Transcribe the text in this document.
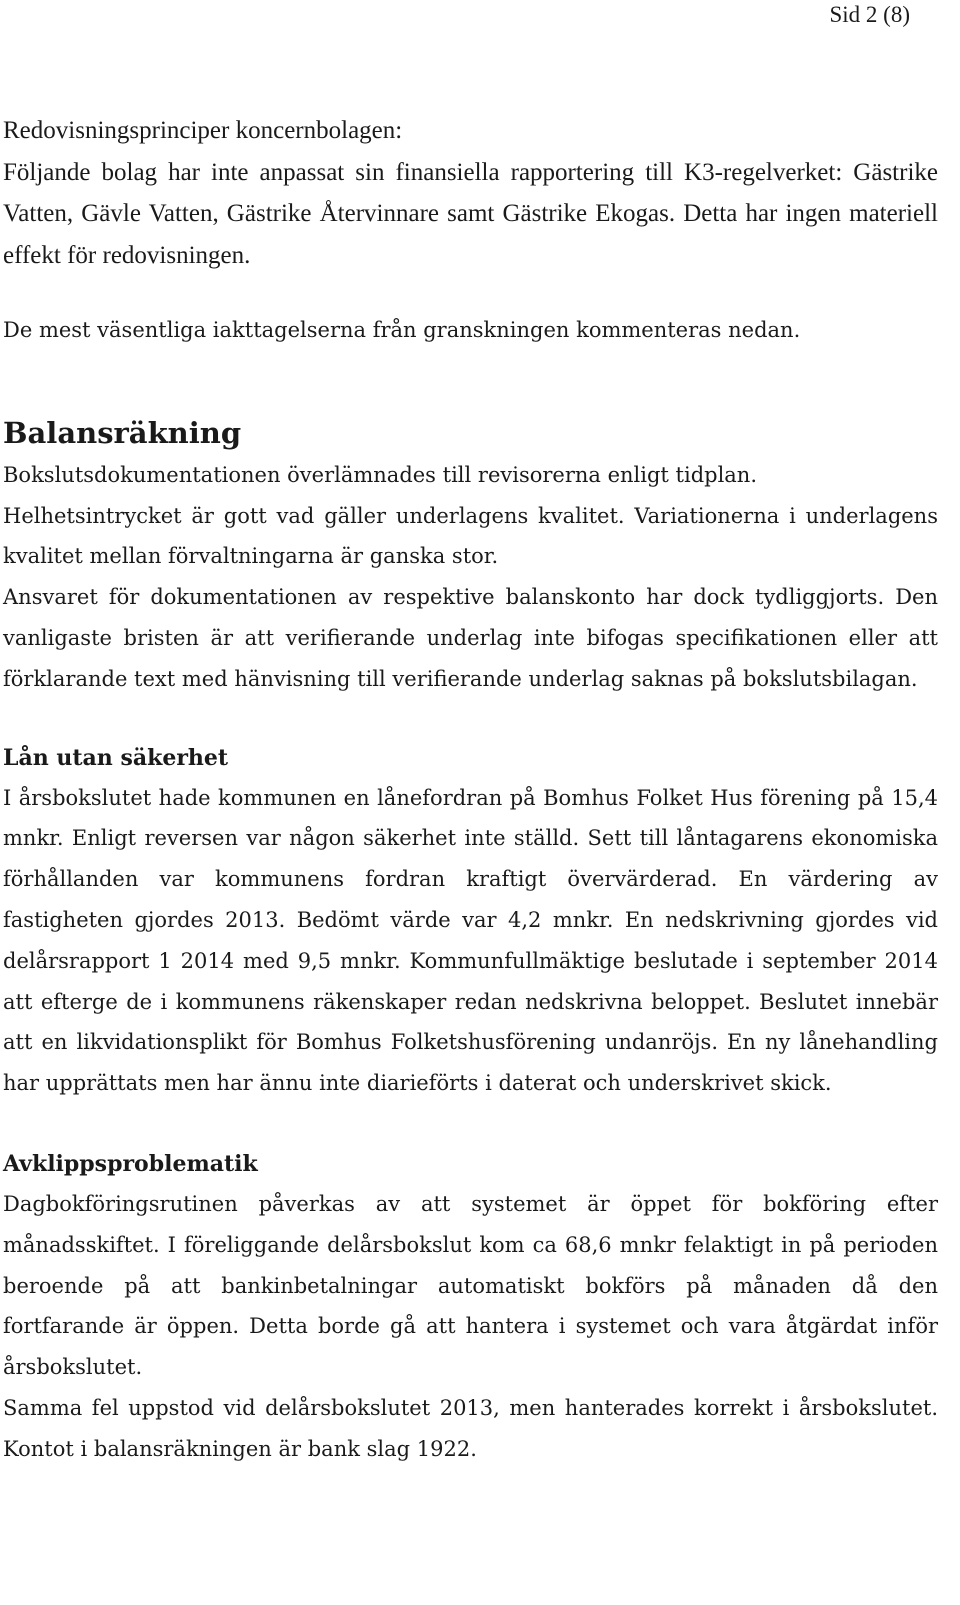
Sid 2 (8)

Redovisningsprinciper koncernbolagen:

Följande bolag har inte anpassat sin finansiella rapportering till K3-regelverket: Gästrike Vatten, Gävle Vatten, Gästrike Återvinnare samt Gästrike Ekogas. Detta har ingen materiell effekt för redovisningen.

De mest väsentliga iakttagelserna från granskningen kommenteras nedan.

Balansräkning

Bokslutsdokumentationen överlämnades till revisorerna enligt tidplan.

Helhetsintrycket är gott vad gäller underlagens kvalitet. Variationerna i underlagens kvalitet mellan förvaltningarna är ganska stor.

Ansvaret för dokumentationen av respektive balanskonto har dock tydliggjorts. Den vanligaste bristen är att verifierande underlag inte bifogas specifikationen eller att förklarande text med hänvisning till verifierande underlag saknas på bokslutsbilagan.

Lån utan säkerhet

I årsbokslutet hade kommunen en lånefordran på Bomhus Folket Hus förening på 15,4 mnkr. Enligt reversen var någon säkerhet inte ställd. Sett till låntagarens ekonomiska förhållanden var kommunens fordran kraftigt övervärderad. En värdering av fastigheten gjordes 2013. Bedömt värde var 4,2 mnkr. En nedskrivning gjordes vid delårsrapport 1 2014 med 9,5 mnkr. Kommunfullmäktige beslutade i september 2014 att efterge de i kommunens räkenskaper redan nedskrivna beloppet. Beslutet innebär att en likvidationsplikt för Bomhus Folketshusförening undanröjs. En ny lånehandling har upprättats men har ännu inte diarieförts i daterat och underskrivet skick.

Avklippsproblematik

Dagbokföringsrutinen påverkas av att systemet är öppet för bokföring efter månadsskiftet. I föreliggande delårsbokslut kom ca 68,6 mnkr felaktigt in på perioden beroende på att bankinbetalningar automatiskt bokförs på månaden då den fortfarande är öppen. Detta borde gå att hantera i systemet och vara åtgärdat inför årsbokslutet.

Samma fel uppstod vid delårsbokslutet 2013, men hanterades korrekt i årsbokslutet. Kontot i balansräkningen är bank slag 1922.
